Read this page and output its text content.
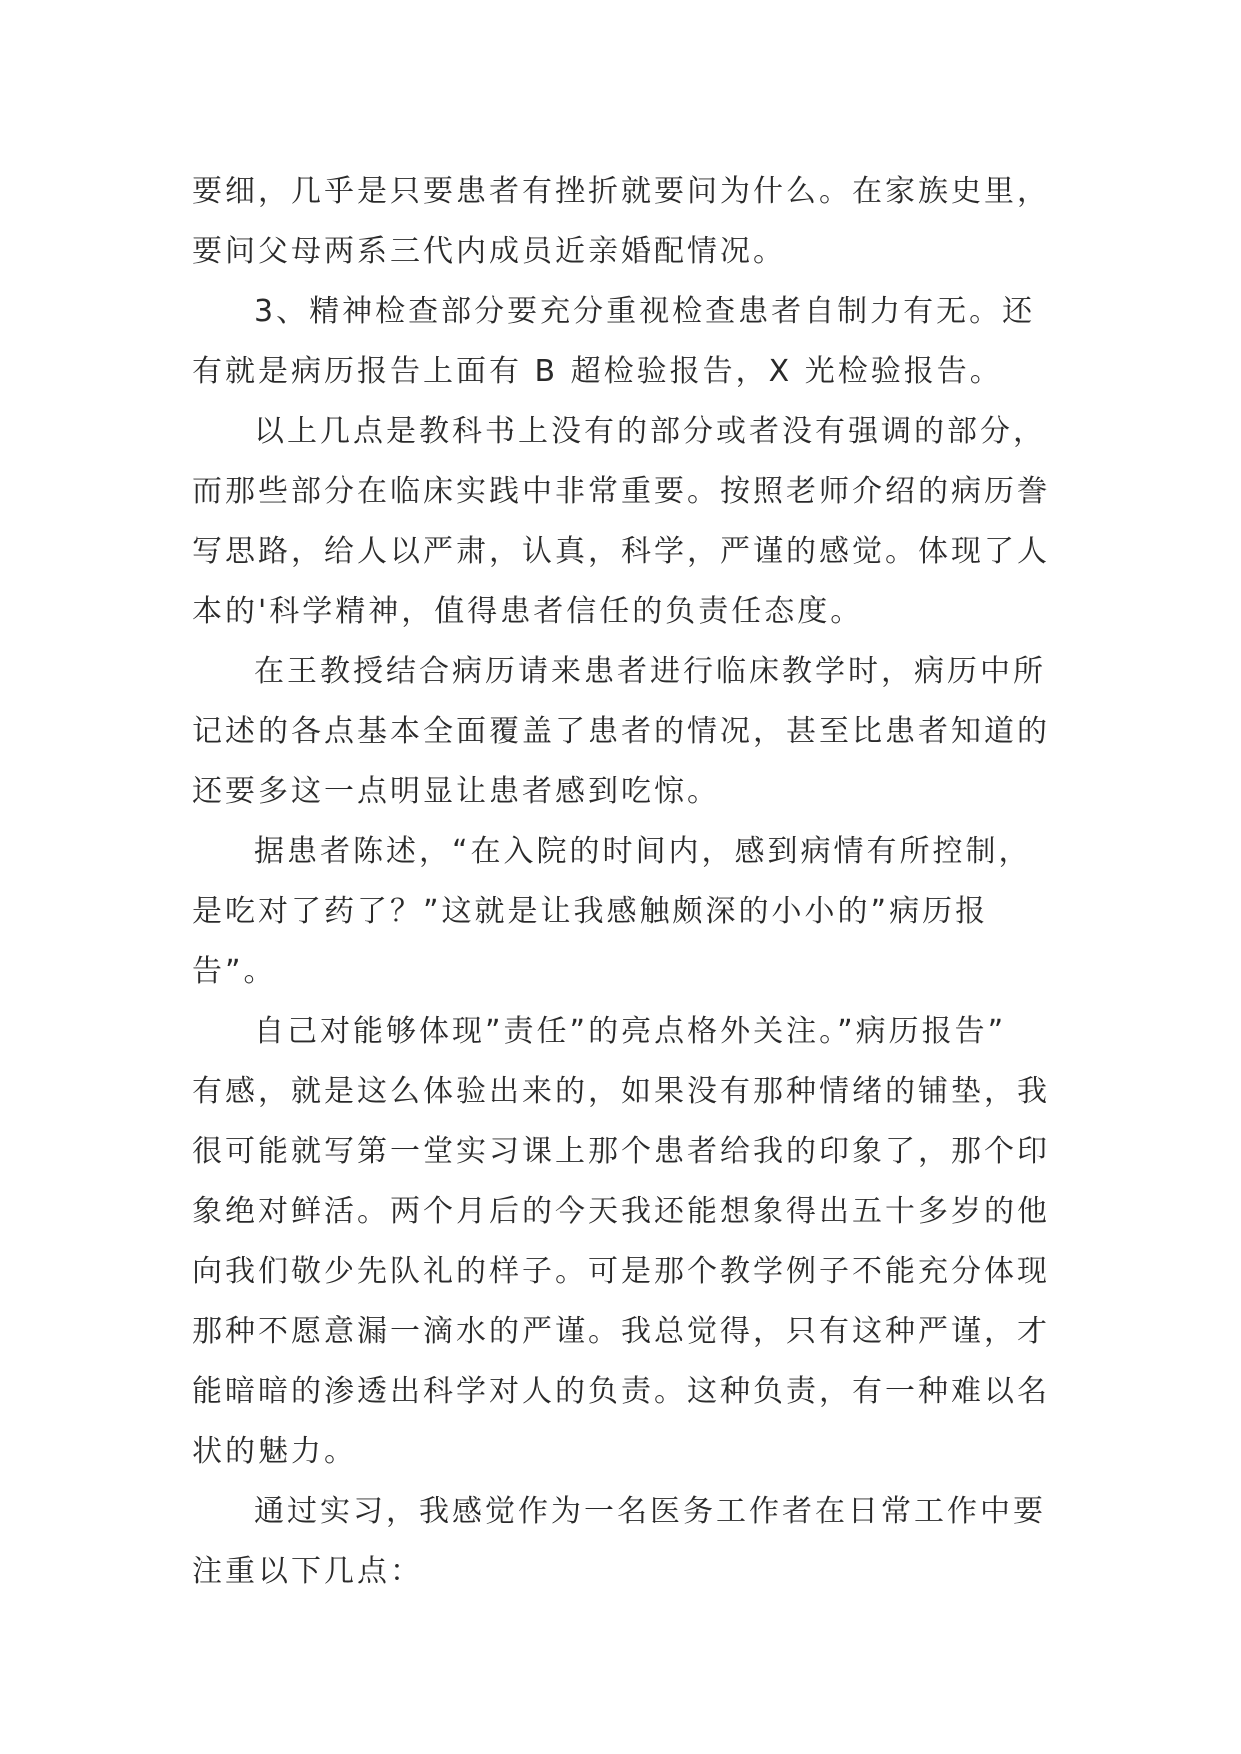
要细，几乎是只要患者有挫折就要问为什么。在家族史里，
要问父母两系三代内成员近亲婚配情况。
3、精神检查部分要充分重视检查患者自制力有无。还
有就是病历报告上面有 B 超检验报告，X 光检验报告。
以上几点是教科书上没有的部分或者没有强调的部分，
而那些部分在临床实践中非常重要。按照老师介绍的病历誊
写思路，给人以严肃，认真，科学，严谨的感觉。体现了人
本的'科学精神，值得患者信任的负责任态度。
在王教授结合病历请来患者进行临床教学时，病历中所
记述的各点基本全面覆盖了患者的情况，甚至比患者知道的
还要多这一点明显让患者感到吃惊。
据患者陈述，“在入院的时间内，感到病情有所控制，
是吃对了药了？”这就是让我感触颇深的小小的”病历报
告”。
自己对能够体现”责任”的亮点格外关注。”病历报告”
有感，就是这么体验出来的，如果没有那种情绪的铺垫，我
很可能就写第一堂实习课上那个患者给我的印象了，那个印
象绝对鲜活。两个月后的今天我还能想象得出五十多岁的他
向我们敬少先队礼的样子。可是那个教学例子不能充分体现
那种不愿意漏一滴水的严谨。我总觉得，只有这种严谨，才
能暗暗的渗透出科学对人的负责。这种负责，有一种难以名
状的魅力。
通过实习，我感觉作为一名医务工作者在日常工作中要
注重以下几点：
